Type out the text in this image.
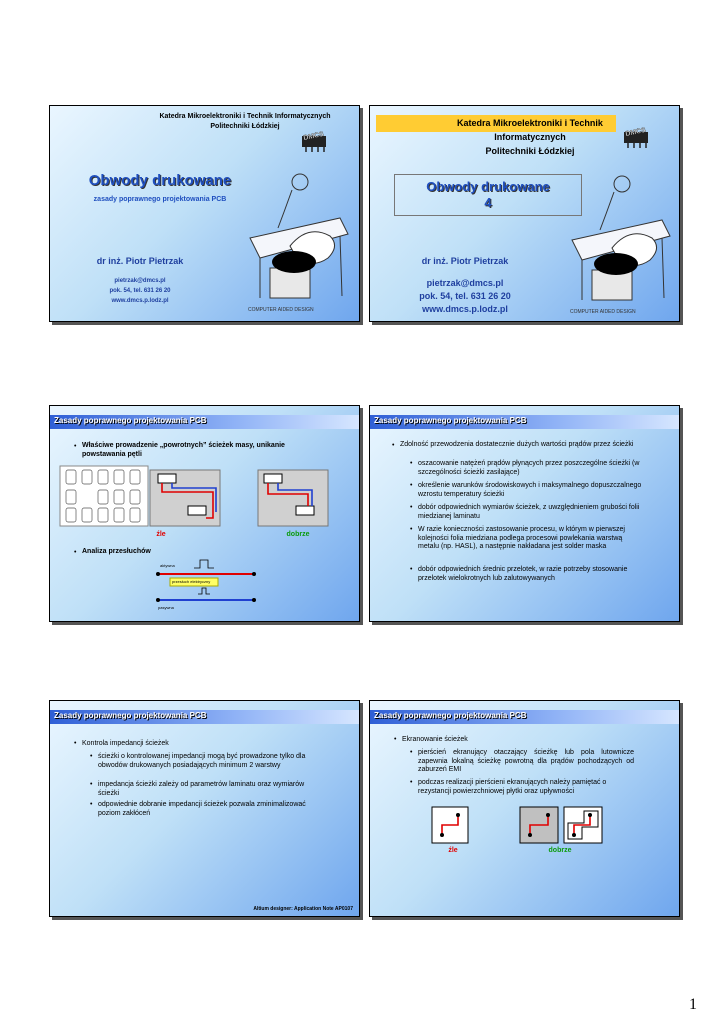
Katedra Mikroelektroniki i Technik Informatycznych
Politechniki Łódzkiej
DMCS
Obwody drukowane
zasady poprawnego projektowania PCB
dr inż. Piotr Pietrzak
pietrzak@dmcs.pl
pok. 54, tel. 631 26 20
www.dmcs.p.lodz.pl
COMPUTER AIDED DESIGN
Katedra Mikroelektroniki i Technik
Informatycznych
Politechniki Łódzkiej
DMCS
Obwody drukowane
4
dr inż. Piotr Pietrzak
pietrzak@dmcs.pl
pok. 54, tel. 631 26 20
www.dmcs.p.lodz.pl	COMPUTER AIDED DESIGN
Zasady poprawnego projektowania PCB
• Właściwe prowadzenie „powrotnych” ścieżek masy, unikanie powstawania pętli
źle	dobrze
• Analiza przesłuchów
aktywna
przesłuch elektryczny
pasywna
Zasady poprawnego projektowania PCB
• Zdolność przewodzenia dostatecznie dużych wartości prądów przez ścieżki
• oszacowanie natężeń prądów płynących przez poszczególne ścieżki (w szczególności ścieżki zasilające)
• określenie warunków środowiskowych i maksymalnego dopuszczalnego wzrostu temperatury ścieżki
• dobór odpowiednich wymiarów ścieżek, z uwzględnieniem grubości folii miedzianej laminatu
• W razie konieczności zastosowanie procesu, w którym w pierwszej kolejności folia miedziana podlega procesowi powlekania warstwą metalu (np. HASL), a następnie nakładana jest solder maska
• dobór odpowiednich średnic przelotek, w razie potrzeby stosowanie przelotek wielokrotnych lub zalutowywanych
Zasady poprawnego projektowania PCB
• Kontrola impedancji ścieżek
• ścieżki o kontrolowanej impedancji mogą być prowadzone tylko dla obwodów drukowanych posiadających minimum 2 warstwy
• impedancja ścieżki zależy od parametrów laminatu oraz wymiarów ścieżki
• odpowiednie dobranie impedancji ścieżek pozwala zminimalizować poziom zakłóceń
Altium designer: Application Note AP0107
Zasady poprawnego projektowania PCB
• Ekranowanie ścieżek
• pierścień ekranujący otaczający ścieżkę lub pola lutownicze zapewnia lokalną ścieżkę powrotną dla prądów pochodzących od zaburzeń EMI
• podczas realizacji pierścieni ekranujących należy pamiętać o rezystancji powierzchniowej płytki oraz upływności
źle	dobrze
1
